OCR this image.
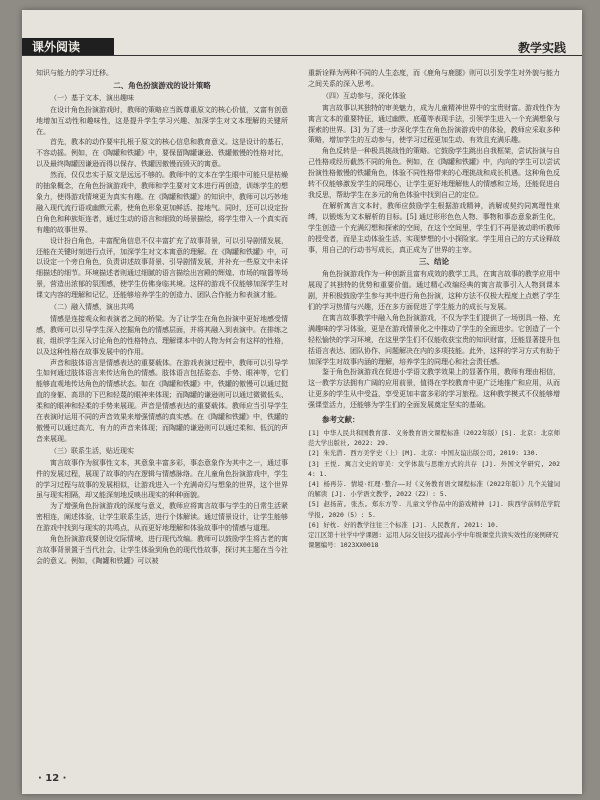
课外阅读	教学实践

知识与能力的学习迁移。

二、角色扮演游戏的设计策略
（一）基于文本，演出趣味

在设计角色扮演游戏时，教师的策略应当既尊重原文的核心价值，又富有创意地增加互动性和趣味性，这是提升学生学习兴趣、加深学生对文本理解的关键所在。

首先，教本的动作要牢扎根于原文的核心信息和教育意义。这是设计的基石，不容动摇。例如，在《陶罐和铁罐》中，要保留陶罐谦逊、铁罐傲慢的性格对比，以及最终陶罐因谦逊而得以保存、铁罐因傲慢而毁灭的寓意。

然而，仅仅忠实于原文是远远不够的。教师中的文本在学生眼中可能只是枯燥的抽象概念，在角色扮演游戏中，教师和学生要对文本进行再创造，训练学生的想象力，使得游戏情境更为真实有趣。在《陶罐和铁罐》的知识中，教师可以巧妙地融入现代流行语或幽默元素，使角色形象更加鲜活、接地气。同时，还可以设定扮白角色和种族矩连者，通过生动的语言和细致的场景描绘，将学生带入一个真实而有趣的故事世界。

设计扮白角色，丰富配角信息不仅丰富扩充了故事背景，可以引导剧情发展，还能在关键时刻进行点评，加深学生对文本寓意的理解。在《陶罐和铁罐》中，可以设定一个旁白角色，负责讲述故事背景、引导剧情发展，并补充一些原文中未详细描述的细节。环境描述者则通过细腻的语言描绘出宫殿的辉煌、市场的喧嚣等场景，营造出浓郁的氛围感，使学生仿佛身临其境。这样的游戏不仅能够加深学生对课文内容的理解和记忆，还能够培养学生的创造力、团队合作能力和表演才能。

（二）融入情感，演出共鸣

情感是连接观众和表演者之间的桥梁。为了让学生在角色扮演中更好地感受情感，教师可以引导学生深入挖掘角色的情感层面，并将其融入到表演中。在排练之前，组织学生深入讨论角色的性格特点、理解课本中的人物为何会有这样的性格，以及这种性格在故事发展中的作用。

声音和肢体语言是情感表达的重要载体。在游戏表演过程中，教师可以引导学生如何通过肢体语言来传达角色的情感。肢体语言包括姿态、手势、眼神等，它们能够直观地传达角色的情感状态。如在《陶罐和铁罐》中，铁罐的傲慢可以通过挺直的身躯、高昂的下巴和轻蔑的眼神来体现；而陶罐的谦逊则可以通过微微低头、柔和的眼神和轻柔的手势来展现。声音是情感表达的重要载体。教师应当引导学生在表演时运用不同的声音效果来增强情感的真实感。在《陶罐和铁罐》中，铁罐的傲慢可以通过高亢、有力的声音来体现；而陶罐的谦逊则可以通过柔和、低沉的声音来展现。

（三）联系生活，贴近现实

寓言故事作为叙事性文本，其意象丰富多彩，事态意象作为其中之一，通过事件的发展过程，展现了故事的内在逻辑与情感脉络。在儿童角色扮演游戏中，学生的学习过程与故事的发展相似，让游戏进入一个充满奇幻与想象的世界，这个世界虽与现实相隔，却又能深刻地反映出现实的种种面貌。

为了增强角色扮演游戏的深度与意义，教师应将寓言故事与学生的日常生活紧密相连，阐述体验，让学生联系生活，进行个体解读。通过情景设计，让学生能够在游戏中找到与现实的共鸣点，从而更好地理解和体验故事中的情感与道理。

角色扮演游戏要创设交际情境，进行现代改编。教师可以鼓励学生将古老的寓言故事背景置于当代社会，让学生体验到角色的现代性故事，探讨其主题在当今社会的意义。例如，《陶罐和铁罐》可以被

重新诠释为两种不同的人生态度，而《鹿角与鹿腿》则可以引发学生对外貌与能力之间关系的深入思考。

（四）互动参与，深化体验

寓言故事以其独特的审美魅力，成为儿童精神世界中的宝贵财富。游戏性作为寓言文本的重要特征，通过幽默、底蕴等表现手法，引领学生进入一个充满想象与探索的世界。[3] 为了进一步深化学生在角色扮演游戏中的体验，教师应采取多种策略，增加学生的互动参与，使学习过程更加生动、有效且充满乐趣。

角色反转是一种极具挑战性的策略。它鼓励学生跳出自我框架，尝试扮演与自己性格或经历截然不同的角色。例如，在《陶罐和铁罐》中，内向的学生可以尝试扮演性格傲慢的铁罐角色，体验不同性格带来的心理挑战和成长机遇。这种角色反转不仅能够激发学生的同理心，让学生更好地理解他人的情感和立场，还能促进自我反思，帮助学生在多元的角色体验中找到自己的定位。

在解析寓言文本时，教师应鼓励学生根据游戏精神，消解或契约同寓理性束缚，以锻炼为文本解析的目标。[5] 通过形形色色人物、事物和事态意象新生化，学生创造一个充满幻想和探索的空间，在这个空间里，学生们不再是被动聆听教师的授受者，而是主动体验生活、实现梦想的小小探险家。学生用自己的方式诠释故事，用自己的行动书写成长，真正成为了世界的主宰。

三、结论

角色扮演游戏作为一种创新且富有成效的教学工具，在寓言故事的教学应用中展现了其独特的优势和重要价值。通过精心改编经典的寓言故事引入人物到课本剧，并积极鼓励学生参与其中进行角色扮演，这种方法不仅极大程度上点燃了学生们的学习热情与兴趣，还在多方面促进了学生能力的成长与发展。

在寓言故事教学中融入角色扮演游戏，不仅为学生们提供了一场别具一格、充满趣味的学习体验，更是在游戏情景化之中推动了学生的全面进步。它创造了一个轻松愉快的学习环境，在这里学生们不仅能收获宝贵的知识财富，还能显著提升包括语言表达、团队协作、问题解决在内的多项技能。此外，这样的学习方式有助于加深学生对故事内涵的理解，培养学生的同理心和社会责任感。

鉴于角色扮演游戏在促进小学语文教学效果上的显著作用，教师有理由相信，这一教学方法拥有广阔的应用前景，值得在学校教育中更广泛地推广和应用，从而让更多的学生从中受益，享受更加丰富多彩的学习旅程。这种教学模式不仅能够增强课堂活力，还能够为学生们的全面发展奠定坚实的基础。

参考文献：

[1] 中华人民共和国教育部. 义务教育语文课程标准（2022年版）[S]. 北京: 北京师范大学出版社, 2022: 29.

[2] 朱光潜. 西方美学史（上）[M]. 北京: 中国友谊出版公司, 2019: 130.

[3] 王悦. 寓言文史的审美：文学体裁与思维方式的共存 [J]. 外国文学研究, 2024: 1.

[4] 杨再芬. 情境·红理·整合——对《义务教育语文课程标准（2022年版）》几个关键词的解读 [J]. 小学语文教学, 2022（Z2）: 5.

[5] 赵扬苗, 张杰, 郑东方等. 儿童文学作品中的游戏精神 [J]. 陕西学前师范学院学报, 2020（5）: 5.

[6] 好枕. 好的教学往往三个标准 [J]. 人民教育, 2021: 10.

定江区第十社学中学课题: 运用人际交往技巧提高小学中年级课堂共读实效性的案例研究

课题编号：1023XX0018

· 12 ·
